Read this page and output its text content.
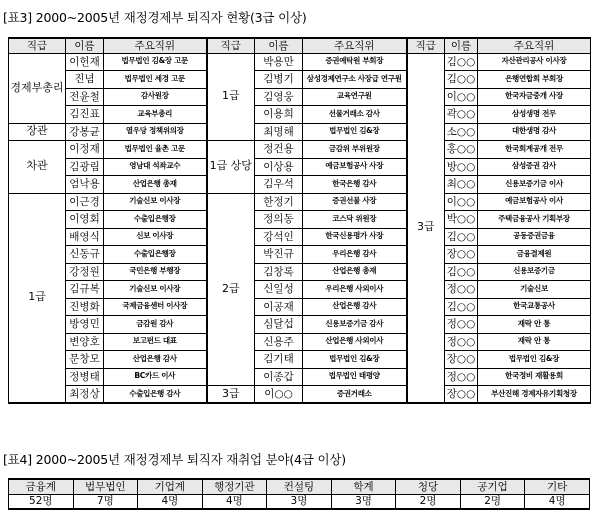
[표3] 2000~2005년 재정경제부 퇴직자 현황(3급 이상)
직급	이름	주요직위	직급	이름	주요직위	직급	이름	주요직위
경제부총리	이헌재	법무법인 김&장 고문	1급	박용만	증권예탁원 부회장	3급	김○○	자산관리공사 이사장
	진념	법무법인 세경 고문		김병기	삼성경제연구소 사장급 연구원		김○○	은행연합회 부회장
	전윤철	감사원장		김영웅	교육연구원		이○○	한국자금중개 사장
	김진표	교육부총리		이용희	선물거래소 감사		곽○○	삼성생명 전무
장관	강봉균	열우당 정책위의장		최명해	법무법인 김&장		소○○	대한생명 감사
차관	이정재	법무법인 율촌 고문	1급 상당	정건용	금감위 부위원장		홍○○	한국회계공개 전무
	김광림	영남대 석좌교수		이상용	예금보험공사 사장		방○○	삼성증권 감사
	엄낙용	산업은행 총재		김우석	한국은행 감사		최○○	신용보증기금 이사
1급	이근경	기술신보 이사장	2급	한정기	증권선물 사장		이○○	예금보험공사 이사
	이영회	수출입은행장		정의동	코스닥 위원장		박○○	주택금융공사 기획부장
	배영식	신보 이사장		강석인	한국신용평가 사장		김○○	공동증권금융
	신동규	수출입은행장		박진규	우리은행 감사		장○○	금융결제원
	강정원	국민은행 부행장		김창록	산업은행 총재		김○○	신용보증기금
	김규복	기술신보 이사장		신일성	우리은행 사외이사		정○○	기술신보
	진병화	국제금융센터 이사장		이공재	산업은행 감사		김○○	한국교통공사
	방영민	금감원 감사		심달섭	신용보증기금 감사		정○○	재락 안 통
	변양호	보고펀드 대표		신용주	산업은행 사외이사		정○○	재락 안 통
	문창모	산업은행 감사		김기태	법무법인 김&장		장○○	법무법인 김&장
	정병태	BC카드 이사		이종갑	법무법인 태평양		정○○	한국정비 재활용회
	최정상	수출입은행 감사	3급	이○○	증권거래소		장○○	부산진해 경제자유기획청장
[표4] 2000~2005년 재정경제부 퇴직자 재취업 분야(4급 이상)
금융계	법무법인	기업계	행정기관	컨설팅	학계	청당	공기업	기타
52명	7명	4명	4명	3명	3명	2명	2명	4명
